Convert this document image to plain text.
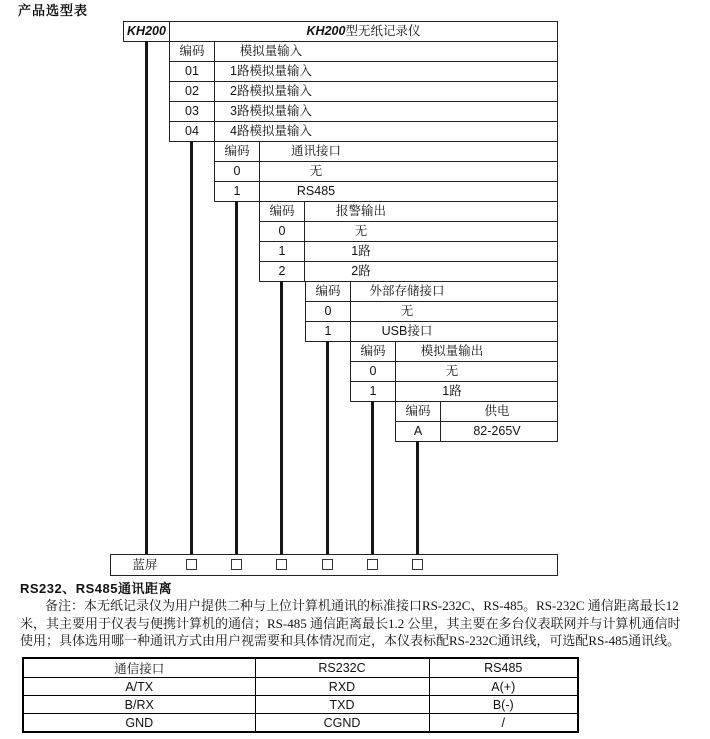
产品选型表
KH200	KH200型无纸记录仪
编码	模拟量输入
01	1路模拟量输入
02	2路模拟量输入
03	3路模拟量输入
04	4路模拟量输入
编码	通讯接口
0	无
1	RS485
编码	报警输出
0	无
1	1路
2	2路
编码	外部存储接口
0	无
1	USB接口
编码	模拟量输出
0	无
1	1路
编码	供电
A	82-265V
蓝屏
RS232、RS485通讯距离
备注：本无纸记录仪为用户提供二种与上位计算机通讯的标准接口RS-232C、RS-485。RS-232C 通信距离最长12
米，其主要用于仪表与便携计算机的通信；RS-485 通信距离最长1.2 公里，其主要在多台仪表联网并与计算机通信时
使用；具体选用哪一种通讯方式由用户视需要和具体情况而定，本仪表标配RS-232C通讯线，可选配RS-485通讯线。
通信接口	RS232C	RS485
A/TX	RXD	A(+)
B/RX	TXD	B(-)
GND	CGND	/
